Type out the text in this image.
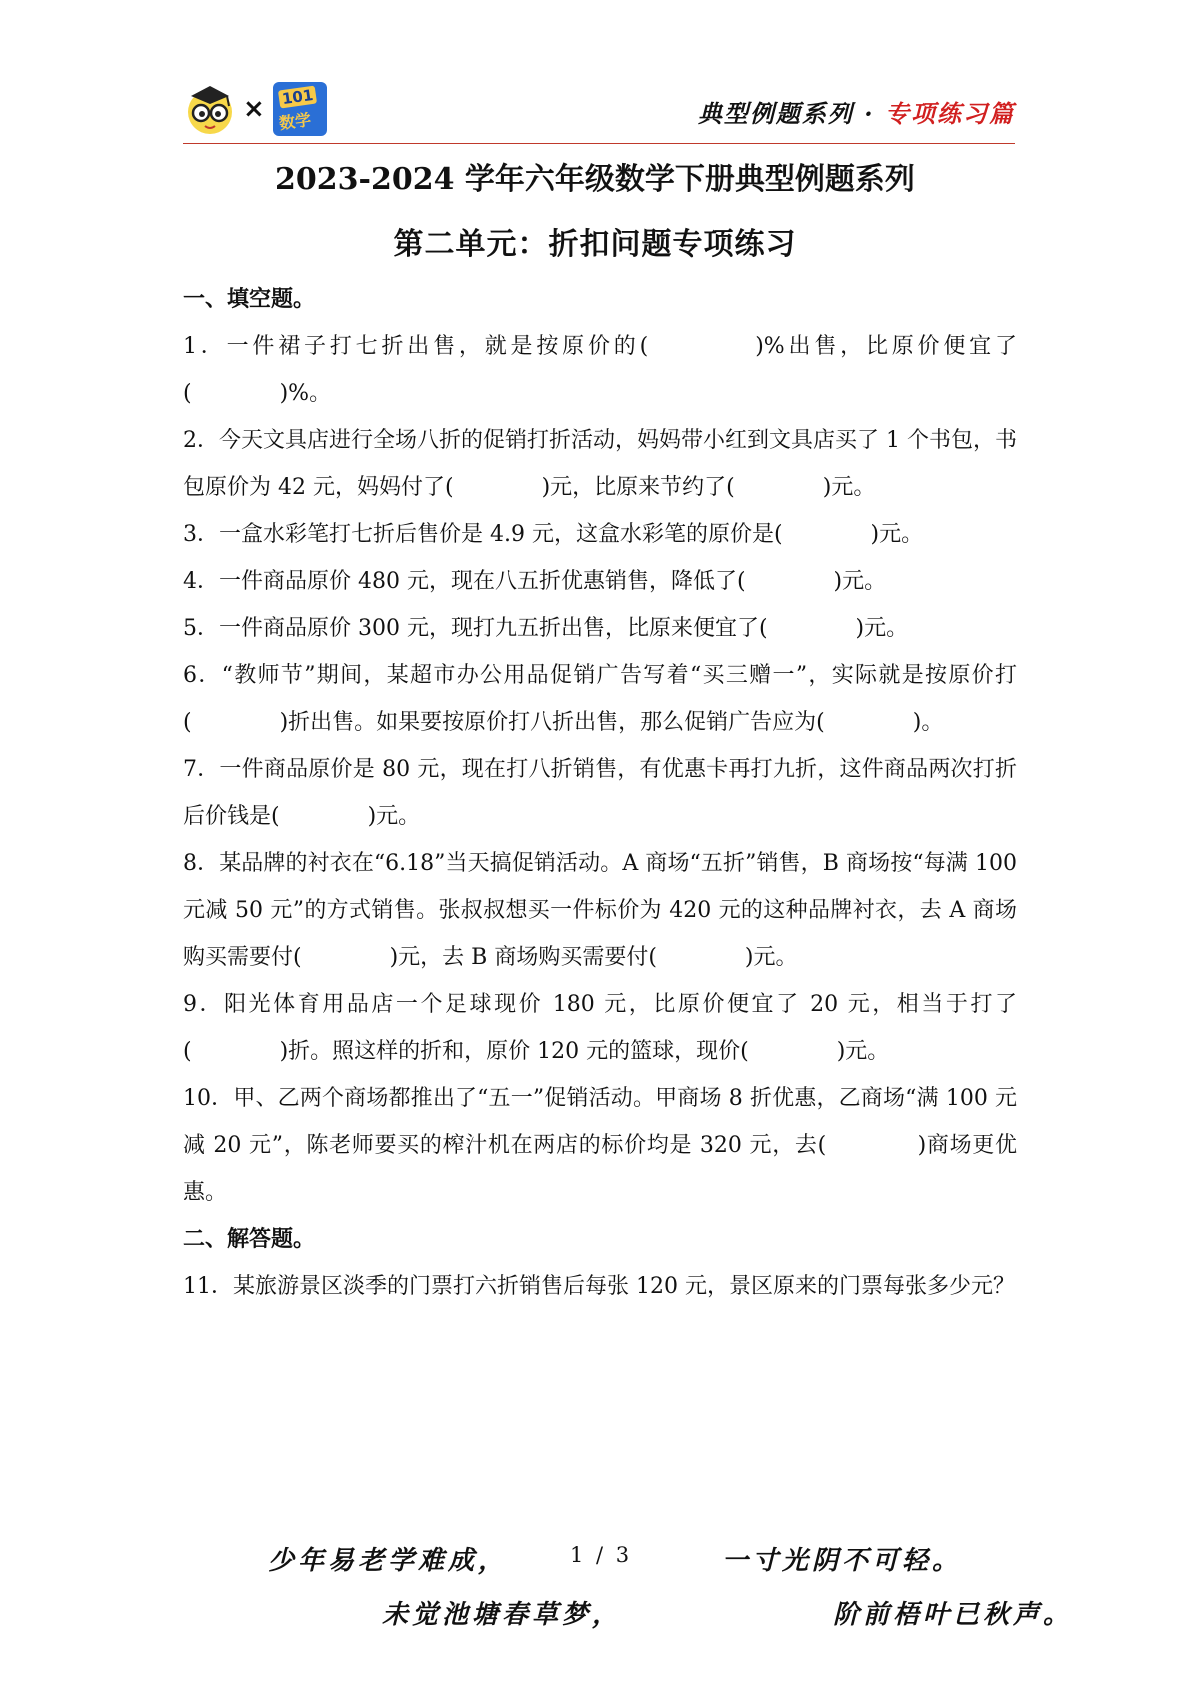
× 101
数学	典型例题系列 · 专项练习篇
2023-2024 学年六年级数学下册典型例题系列
第二单元：折扣问题专项练习
一、填空题。
1．一件裙子打七折出售，就是按原价的(　　　　)%出售，比原价便宜了(　　　　)%。
2．今天文具店进行全场八折的促销打折活动，妈妈带小红到文具店买了 1 个书包，书包原价为 42 元，妈妈付了(　　　　)元，比原来节约了(　　　　)元。
3．一盒水彩笔打七折后售价是 4.9 元，这盒水彩笔的原价是(　　　　)元。
4．一件商品原价 480 元，现在八五折优惠销售，降低了(　　　　)元。
5．一件商品原价 300 元，现打九五折出售，比原来便宜了(　　　　)元。
6．“教师节”期间，某超市办公用品促销广告写着“买三赠一”，实际就是按原价打(　　　　)折出售。如果要按原价打八折出售，那么促销广告应为(　　　　)。
7．一件商品原价是 80 元，现在打八折销售，有优惠卡再打九折，这件商品两次打折后价钱是(　　　　)元。
8．某品牌的衬衣在“6.18”当天搞促销活动。A 商场“五折”销售，B 商场按“每满 100 元减 50 元”的方式销售。张叔叔想买一件标价为 420 元的这种品牌衬衣，去 A 商场购买需要付(　　　　)元，去 B 商场购买需要付(　　　　)元。
9．阳光体育用品店一个足球现价 180 元，比原价便宜了 20 元，相当于打了(　　　　)折。照这样的折和，原价 120 元的篮球，现价(　　　　)元。
10．甲、乙两个商场都推出了“五一”促销活动。甲商场 8 折优惠，乙商场“满 100 元减 20 元”，陈老师要买的榨汁机在两店的标价均是 320 元，去(　　　　)商场更优惠。
二、解答题。
11．某旅游景区淡季的门票打六折销售后每张 120 元，景区原来的门票每张多少元？
少年易老学难成，	1 / 3	一寸光阴不可轻。
未觉池塘春草梦，	阶前梧叶已秋声。
